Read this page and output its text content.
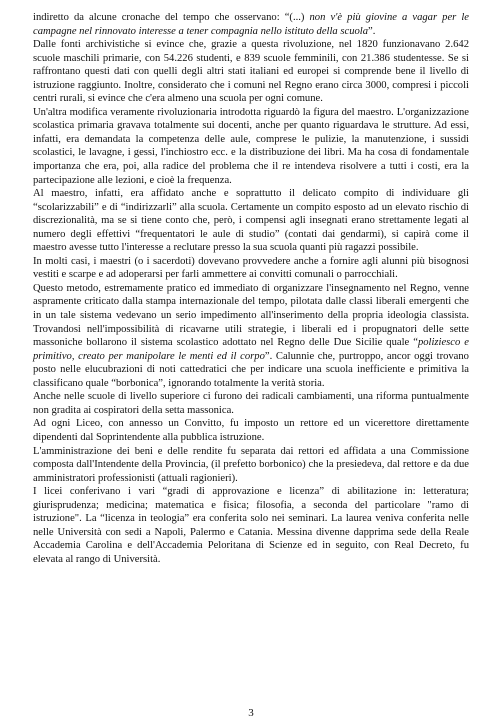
indiretto da alcune cronache del tempo che osservano: “(...) non v'è più giovine a vagar per le campagne nel rinnovato interesse a tener compagnia nello istituto della scuola”.

Dalle fonti archivistiche si evince che, grazie a questa rivoluzione, nel 1820 funzionavano 2.642 scuole maschili primarie, con 54.226 studenti, e 839 scuole femminili, con 21.386 studentesse. Se si raffrontano questi dati con quelli degli altri stati italiani ed europei si comprende bene il livello di istruzione raggiunto. Inoltre, considerato che i comuni nel Regno erano circa 3000, compresi i piccoli centri rurali, si evince che c'era almeno una scuola per ogni comune.

Un'altra modifica veramente rivoluzionaria introdotta riguardò la figura del maestro. L'organizzazione scolastica primaria gravava totalmente sui docenti, anche per quanto riguardava le strutture. Ad essi, infatti, era demandata la competenza delle aule, comprese le pulizie, la manutenzione, i sussidi scolastici, le lavagne, i gessi, l'inchiostro ecc. e la distribuzione dei libri. Ma ha cosa di fondamentale importanza che era, poi, alla radice del problema che il re intendeva risolvere a tutti i costi, era la partecipazione alle lezioni, e cioè la frequenza.

Al maestro, infatti, era affidato anche e soprattutto il delicato compito di individuare gli “scolarizzabili” e di “indirizzarli” alla scuola. Certamente un compito esposto ad un elevato rischio di discrezionalità, ma se si tiene conto che, però, i compensi agli insegnati erano strettamente legati al numero degli effettivi “frequentatori le aule di studio” (contati dai gendarmi), si capirà come il maestro avesse tutto l'interesse a reclutare presso la sua scuola quanti più ragazzi possibile.

In molti casi, i maestri (o i sacerdoti) dovevano provvedere anche a fornire agli alunni più bisognosi vestiti e scarpe e ad adoperarsi per farli ammettere ai convitti comunali o parrocchiali.

Questo metodo, estremamente pratico ed immediato di organizzare l'insegnamento nel Regno, venne aspramente criticato dalla stampa internazionale del tempo, pilotata dalle classi liberali emergenti che in un tale sistema vedevano un serio impedimento all'inserimento della propria ideologia classista. Trovandosi nell'impossibilità di ricavarne utili strategie, i liberali ed i propugnatori delle sette massoniche bollarono il sistema scolastico adottato nel Regno delle Due Sicilie quale “poliziesco e primitivo, creato per manipolare le menti ed il corpo”. Calunnie che, purtroppo, ancor oggi trovano posto nelle elucubrazioni di noti cattedratici che per indicare una scuola inefficiente e primitiva la classificano quale “borbonica”, ignorando totalmente la verità storia.

Anche nelle scuole di livello superiore ci furono dei radicali cambiamenti, una riforma puntualmente non gradita ai cospiratori della setta massonica.

Ad ogni Liceo, con annesso un Convitto, fu imposto un rettore ed un vicerettore direttamente dipendenti dal Soprintendente alla pubblica istruzione.

L'amministrazione dei beni e delle rendite fu separata dai rettori ed affidata a una Commissione composta dall'Intendente della Provincia, (il prefetto borbonico) che la presiedeva, dal rettore e da due amministratori professionisti (attuali ragionieri).

I licei conferivano i vari “gradi di approvazione e licenza” di abilitazione in: letteratura; giurisprudenza; medicina; matematica e fisica; filosofia, a seconda del particolare "ramo di istruzione". La “licenza in teologia” era conferita solo nei seminari. La laurea veniva conferita nelle nelle Università con sedi a Napoli, Palermo e Catania. Messina divenne dapprima sede della Reale Accademia Carolina e dell'Accademia Peloritana di Scienze ed in seguito, con Real Decreto, fu elevata al rango di Università.

3
